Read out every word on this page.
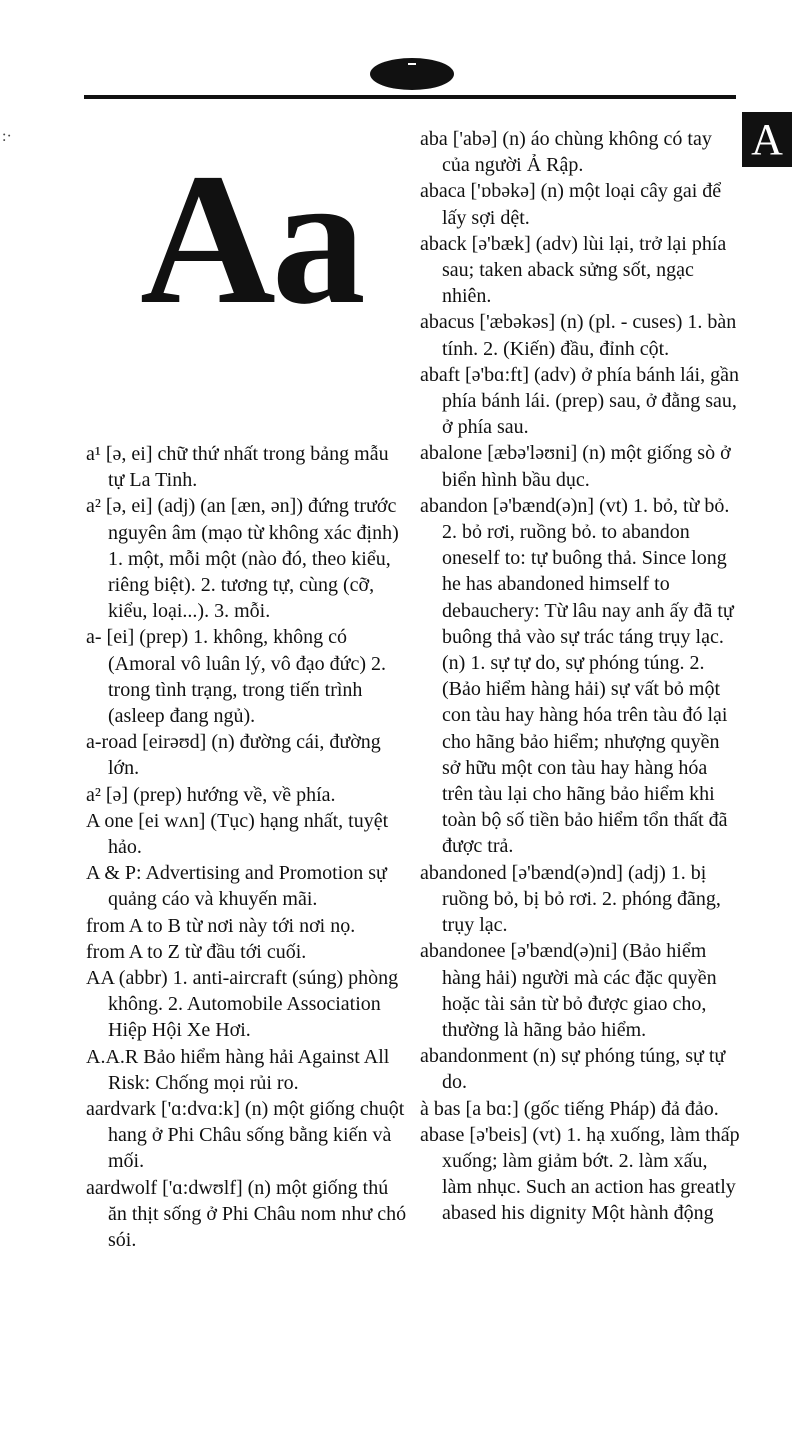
:·	A
Aa
a¹ [ə, ei] chữ thứ nhất trong bảng mẫu tự La Tinh.
a² [ə, ei] (adj) (an [æn, ən]) đứng trước nguyên âm (mạo từ không xác định) 1. một, mỗi một (nào đó, theo kiểu, riêng biệt). 2. tương tự, cùng (cỡ, kiểu, loại...). 3. mỗi.
a- [ei] (prep) 1. không, không có (Amoral vô luân lý, vô đạo đức) 2. trong tình trạng, trong tiến trình (asleep đang ngủ).
a-road [eirəʊd] (n) đường cái, đường lớn.
a² [ə] (prep) hướng về, về phía.
A one [ei wʌn] (Tục) hạng nhất, tuyệt hảo.
A & P: Advertising and Promotion sự quảng cáo và khuyến mãi.
from A to B từ nơi này tới nơi nọ.
from A to Z từ đầu tới cuối.
AA (abbr) 1. anti-aircraft (súng) phòng không. 2. Automobile Association Hiệp Hội Xe Hơi.
A.A.R Bảo hiểm hàng hải Against All Risk: Chống mọi rủi ro.
aardvark ['ɑ:dvɑ:k] (n) một giống chuột hang ở Phi Châu sống bằng kiến và mối.
aardwolf ['ɑ:dwʊlf] (n) một giống thú ăn thịt sống ở Phi Châu nom như chó sói.
aba ['abə] (n) áo chùng không có tay của người Ả Rập.
abaca ['ɒbəkə] (n) một loại cây gai để lấy sợi dệt.
aback [ə'bæk] (adv) lùi lại, trở lại phía sau; taken aback sửng sốt, ngạc nhiên.
abacus ['æbəkəs] (n) (pl. - cuses) 1. bàn tính. 2. (Kiến) đầu, đỉnh cột.
abaft [ə'bɑ:ft] (adv) ở phía bánh lái, gần phía bánh lái. (prep) sau, ở đằng sau, ở phía sau.
abalone [æbə'ləʊni] (n) một giống sò ở biển hình bầu dục.
abandon [ə'bænd(ə)n] (vt) 1. bỏ, từ bỏ. 2. bỏ rơi, ruồng bỏ. to abandon oneself to: tự buông thả. Since long he has abandoned himself to debauchery: Từ lâu nay anh ấy đã tự buông thả vào sự trác táng trụy lạc. (n) 1. sự tự do, sự phóng túng. 2. (Bảo hiểm hàng hải) sự vất bỏ một con tàu hay hàng hóa trên tàu đó lại cho hãng bảo hiểm; nhượng quyền sở hữu một con tàu hay hàng hóa trên tàu lại cho hãng bảo hiểm khi toàn bộ số tiền bảo hiểm tổn thất đã được trả.
abandoned [ə'bænd(ə)nd] (adj) 1. bị ruồng bỏ, bị bỏ rơi. 2. phóng đãng, trụy lạc.
abandonee [ə'bænd(ə)ni] (Bảo hiểm hàng hải) người mà các đặc quyền hoặc tài sản từ bỏ được giao cho, thường là hãng bảo hiểm.
abandonment (n) sự phóng túng, sự tự do.
à bas [a bɑ:] (gốc tiếng Pháp) đả đảo.
abase [ə'beis] (vt) 1. hạ xuống, làm thấp xuống; làm giảm bớt. 2. làm xấu, làm nhục. Such an action has greatly abased his dignity Một hành động
